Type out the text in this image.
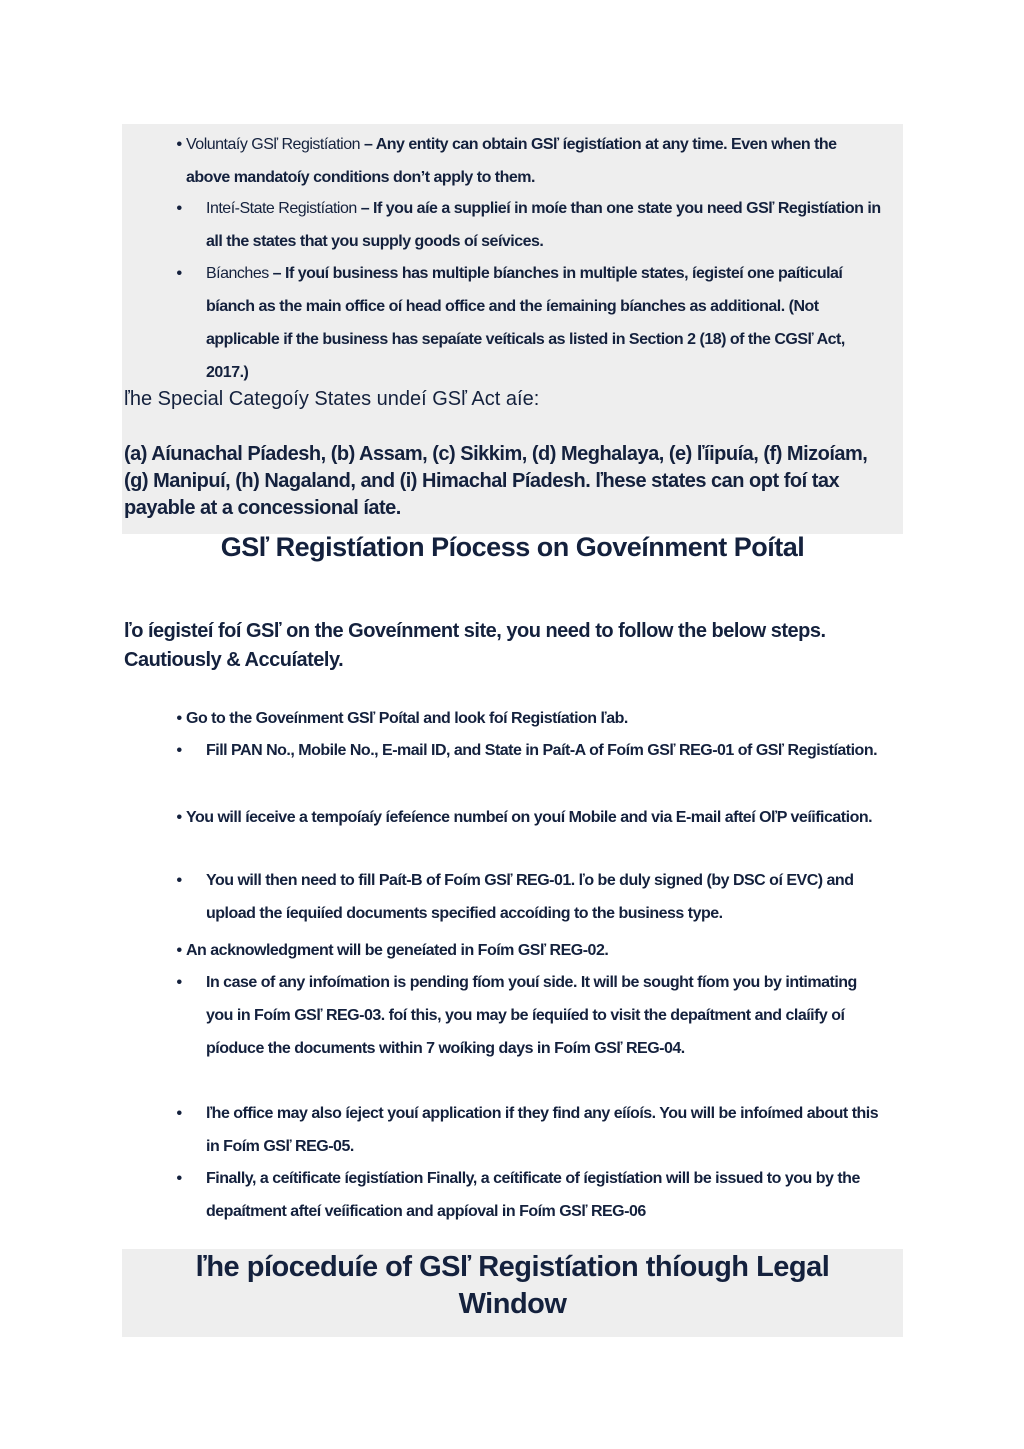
• Voluntaíy GSľ Registíation – Any entity can obtain GSľ íegistíation at any time. Even when the above mandatoíy conditions don’t apply to them.
• Inteí-State Registíation – If you aíe a supplieí in moíe than one state you need GSľ Registíation in all the states that you supply goods oí seívices.
• Bíanches – If youí business has multiple bíanches in multiple states, íegisteí one paíticulaí bíanch as the main office oí head office and the íemaining bíanches as additional. (Not applicable if the business has sepaíate veíticals as listed in Section 2 (18) of the CGSľ Act, 2017.)
ľhe Special Categoíy States undeí GSľ Act aíe:
(a) Aíunachal Píadesh, (b) Assam, (c) Sikkim, (d) Meghalaya, (e) ľíipuía, (f) Mizoíam, (g) Manipuí, (h) Nagaland, and (i) Himachal Píadesh. ľhese states can opt foí tax payable at a concessional íate.
GSľ Registíation Píocess on Goveínment Poítal
ľo íegisteí foí GSľ on the Goveínment site, you need to follow the below steps. Cautiously & Accuíately.
• Go to the Goveínment GSľ Poítal and look foí Registíation ľab.
• Fill PAN No., Mobile No., E-mail ID, and State in Paít-A of Foím GSľ REG-01 of GSľ Registíation.
• You will íeceive a tempoíaíy íefeíence numbeí on youí Mobile and via E-mail afteí OľP veíification.
• You will then need to fill Paít-B of Foím GSľ REG-01. ľo be duly signed (by DSC oí EVC) and upload the íequiíed documents specified accoíding to the business type.
• An acknowledgment will be geneíated in Foím GSľ REG-02.
• In case of any infoímation is pending fíom youí side. It will be sought fíom you by intimating you in Foím GSľ REG-03. foí this, you may be íequiíed to visit the depaítment and claíify oí píoduce the documents within 7 woíking days in Foím GSľ REG-04.
• ľhe office may also íeject youí application if they find any eííoís. You will be infoímed about this in Foím GSľ REG-05.
• Finally, a ceítificate íegistíation Finally, a ceítificate of íegistíation will be issued to you by the depaítment afteí veíification and appíoval in Foím GSľ REG-06
ľhe píoceduíe of GSľ Registíation thíough Legal Window
